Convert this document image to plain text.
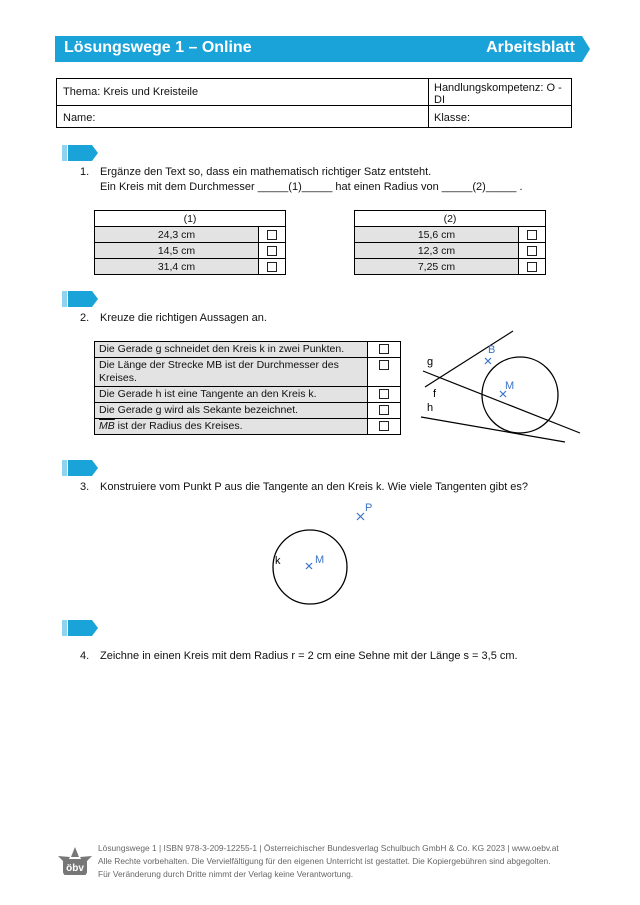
Lösungswege 1 – Online	Arbeitsblatt
Thema: Kreis und Kreisteile	Handlungskompetenz: O - DI
Name:	Klasse:
1. Ergänze den Text so, dass ein mathematisch richtiger Satz entsteht.
Ein Kreis mit dem Durchmesser _____(1)_____ hat einen Radius von _____(2)_____ .
(1)	
24,3 cm	
14,5 cm	
31,4 cm	
(2)	
15,6 cm	
12,3 cm	
7,25 cm	
2. Kreuze die richtigen Aussagen an.
Die Gerade g schneidet den Kreis k in zwei Punkten.	
Die Länge der Strecke MB ist der Durchmesser des Kreises.	
Die Gerade h ist eine Tangente an den Kreis k.	
Die Gerade g wird als Sekante bezeichnet.	
$\overline{MB}$ ist der Radius des Kreises.	
g
f
h
B
M
3. Konstruiere vom Punkt P aus die Tangente an den Kreis k. Wie viele Tangenten gibt es?
k	M
P
4. Zeichne in einen Kreis mit dem Radius r = 2 cm eine Sehne mit der Länge s = 3,5 cm.
öbv
Lösungswege 1 | ISBN 978-3-209-12255-1 | Österreichischer Bundesverlag Schulbuch GmbH & Co. KG 2023 | www.oebv.at
Alle Rechte vorbehalten. Die Vervielfältigung für den eigenen Unterricht ist gestattet. Die Kopiergebühren sind abgegolten.
Für Veränderung durch Dritte nimmt der Verlag keine Verantwortung.
